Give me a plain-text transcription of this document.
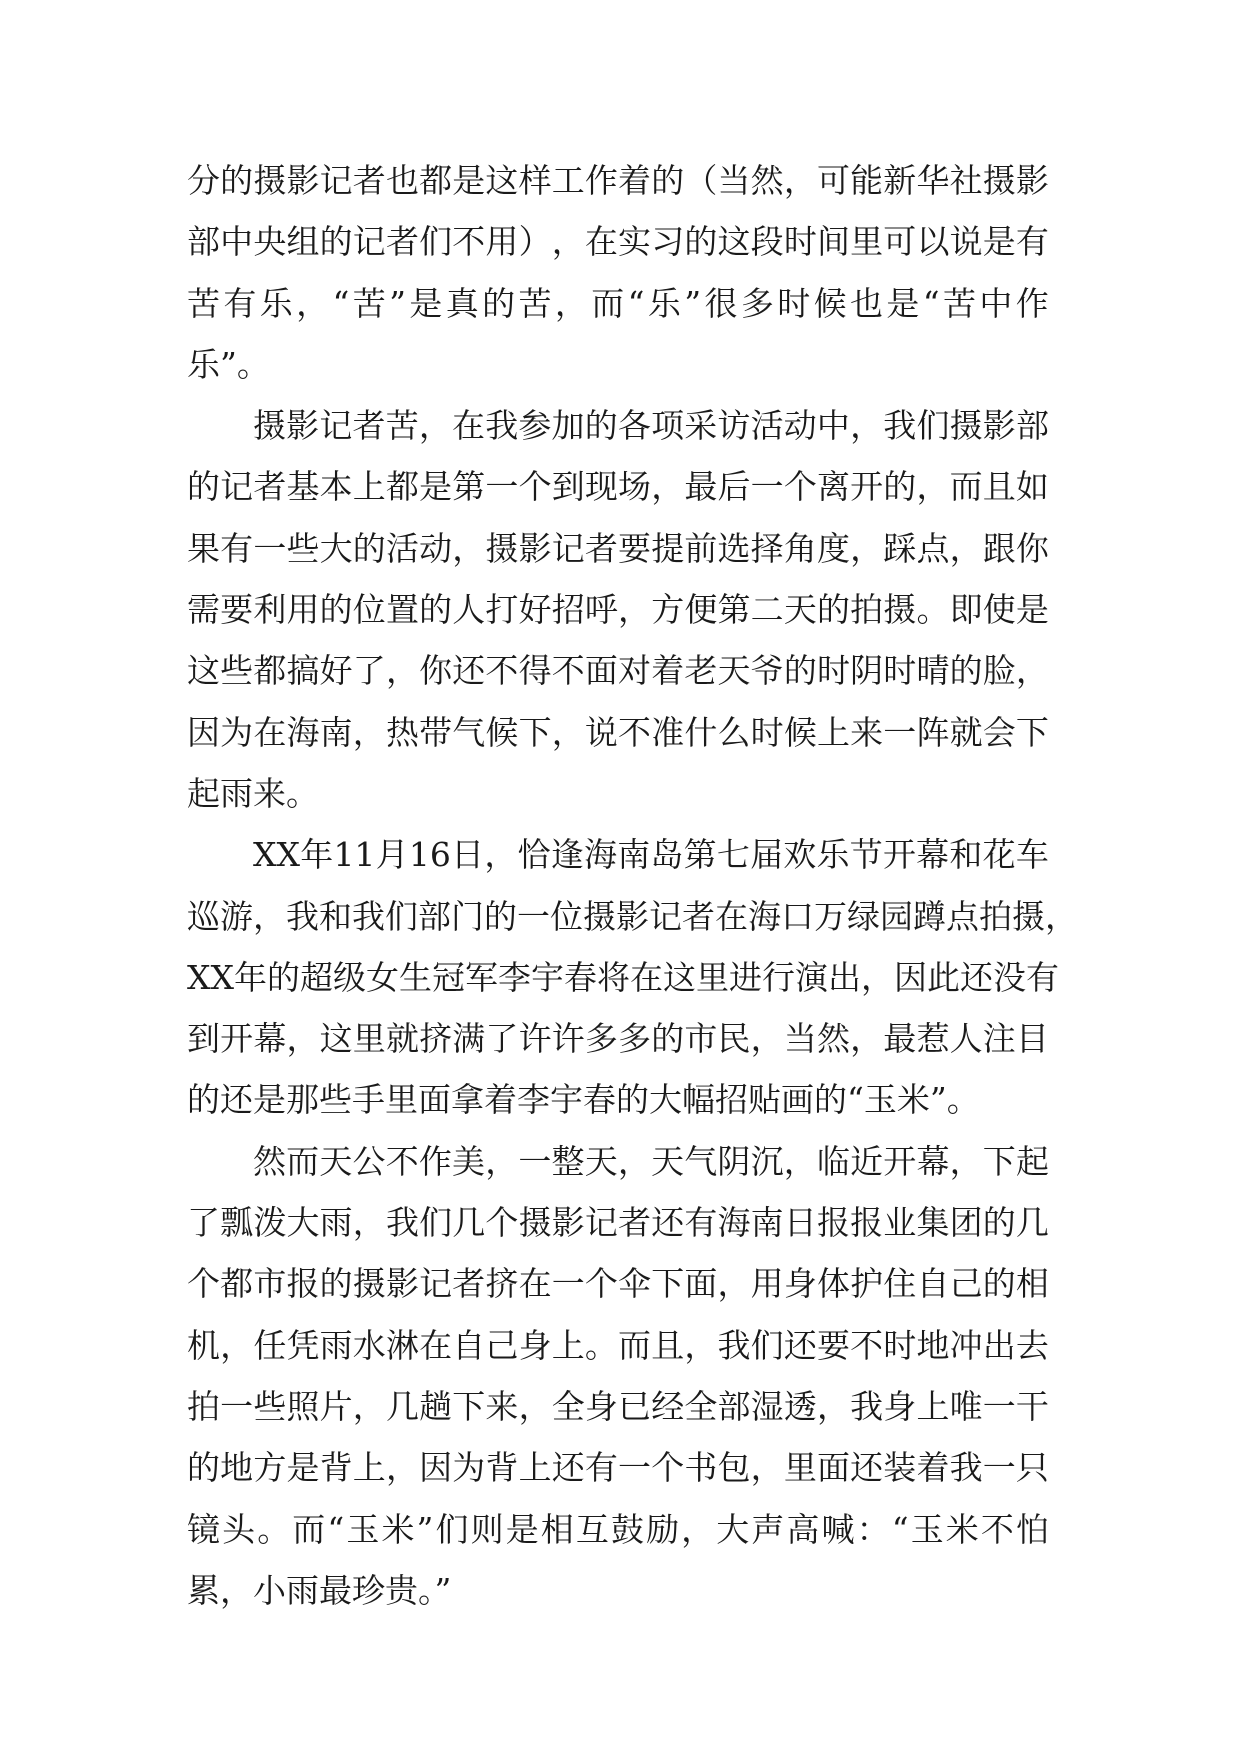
分 的 摄 影 记 者 也 都 是 这 样 工 作 着 的 （ 当 然 ， 可 能 新 华 社 摄 影
部 中 央 组 的 记 者 们 不 用 ） ， 在 实 习 的 这 段 时 间 里 可 以 说 是 有
苦 有 乐 ， “ 苦 ” 是 真 的 苦 ， 而 “ 乐 ” 很 多 时 候 也 是 “ 苦 中 作
乐”。
摄 影 记 者 苦 ， 在 我 参 加 的 各 项 采 访 活 动 中 ， 我 们 摄 影 部
的 记 者 基 本 上 都 是 第 一 个 到 现 场 ， 最 后 一 个 离 开 的 ， 而 且 如
果 有 一 些 大 的 活 动 ， 摄 影 记 者 要 提 前 选 择 角 度 ， 踩 点 ， 跟 你
需 要 利 用 的 位 置 的 人 打 好 招 呼 ， 方 便 第 二 天 的 拍 摄 。 即 使 是
这 些 都 搞 好 了 ， 你 还 不 得 不 面 对 着 老 天 爷 的 时 阴 时 晴 的 脸 ，
因 为 在 海 南 ， 热 带 气 候 下 ， 说 不 准 什 么 时 候 上 来 一 阵 就 会 下
起雨来。
XX 年 11 月 16 日 ， 恰 逢 海 南 岛 第 七 届 欢 乐 节 开 幕 和 花 车
巡 游 ， 我 和 我 们 部 门 的 一 位 摄 影 记 者 在 海 口 万 绿 园 蹲 点 拍 摄 ，
XX 年 的 超 级 女 生 冠 军 李 宇 春 将 在 这 里 进 行 演 出 ， 因 此 还 没 有
到 开 幕 ， 这 里 就 挤 满 了 许 许 多 多 的 市 民 ， 当 然 ， 最 惹 人 注 目
的还是那些手里面拿着李宇春的大幅招贴画的“玉米”。
然 而 天 公 不 作 美 ， 一 整 天 ， 天 气 阴 沉 ， 临 近 开 幕 ， 下 起
了 瓢 泼 大 雨 ， 我 们 几 个 摄 影 记 者 还 有 海 南 日 报 报 业 集 团 的 几
个 都 市 报 的 摄 影 记 者 挤 在 一 个 伞 下 面 ， 用 身 体 护 住 自 己 的 相
机 ， 任 凭 雨 水 淋 在 自 己 身 上 。 而 且 ， 我 们 还 要 不 时 地 冲 出 去
拍 一 些 照 片 ， 几 趟 下 来 ， 全 身 已 经 全 部 湿 透 ， 我 身 上 唯 一 干
的 地 方 是 背 上 ， 因 为 背 上 还 有 一 个 书 包 ， 里 面 还 装 着 我 一 只
镜 头 。 而 “ 玉 米 ” 们 则 是 相 互 鼓 励 ， 大 声 高 喊 ： “ 玉 米 不 怕
累，小雨最珍贵。”
